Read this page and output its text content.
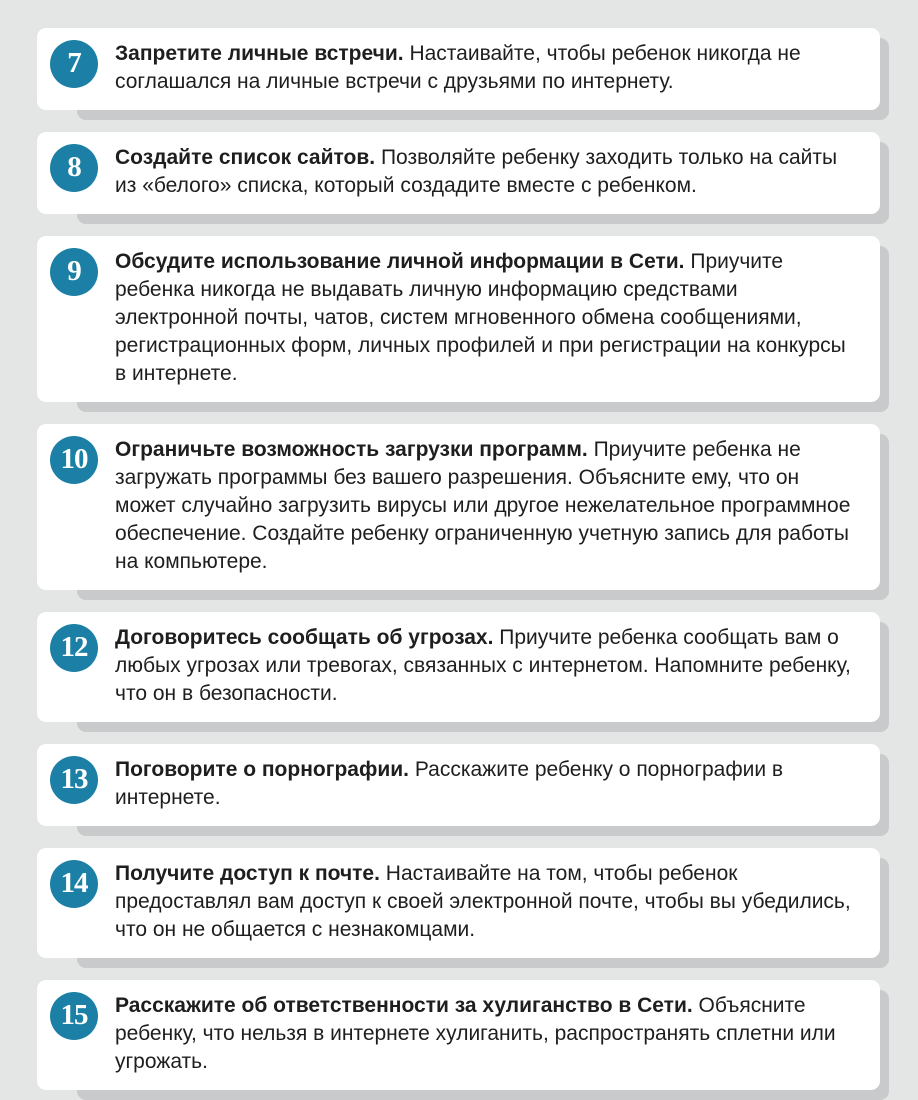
7	Запретите личные встречи. Настаивайте, чтобы ребенок никогда не соглашался на личные встречи с друзьями по интернету.

8	Создайте список сайтов. Позволяйте ребенку заходить только на сайты из «белого» списка, который создадите вместе с ребенком.

9	Обсудите использование личной информации в Сети. Приучите ребенка никогда не выдавать личную информацию средствами электронной почты, чатов, систем мгновенного обмена сообщениями, регистрационных форм, личных профилей и при регистрации на конкурсы в интернете.

10	Ограничьте возможность загрузки программ. Приучите ребенка не загружать программы без вашего разрешения. Объясните ему, что он может случайно загрузить вирусы или другое нежелательное программное обеспечение. Создайте ребенку ограниченную учетную запись для работы на компьютере.

12	Договоритесь сообщать об угрозах. Приучите ребенка сообщать вам о любых угрозах или тревогах, связанных с интернетом. Напомните ребенку, что он в безопасности.

13	Поговорите о порнографии. Расскажите ребенку о порнографии в интернете.

14	Получите доступ к почте. Настаивайте на том, чтобы ребенок предоставлял вам доступ к своей электронной почте, чтобы вы убедились, что он не общается с незнакомцами.

15	Расскажите об ответственности за хулиганство в Сети. Объясните ребенку, что нельзя в интернете хулиганить, распространять сплетни или угрожать.
